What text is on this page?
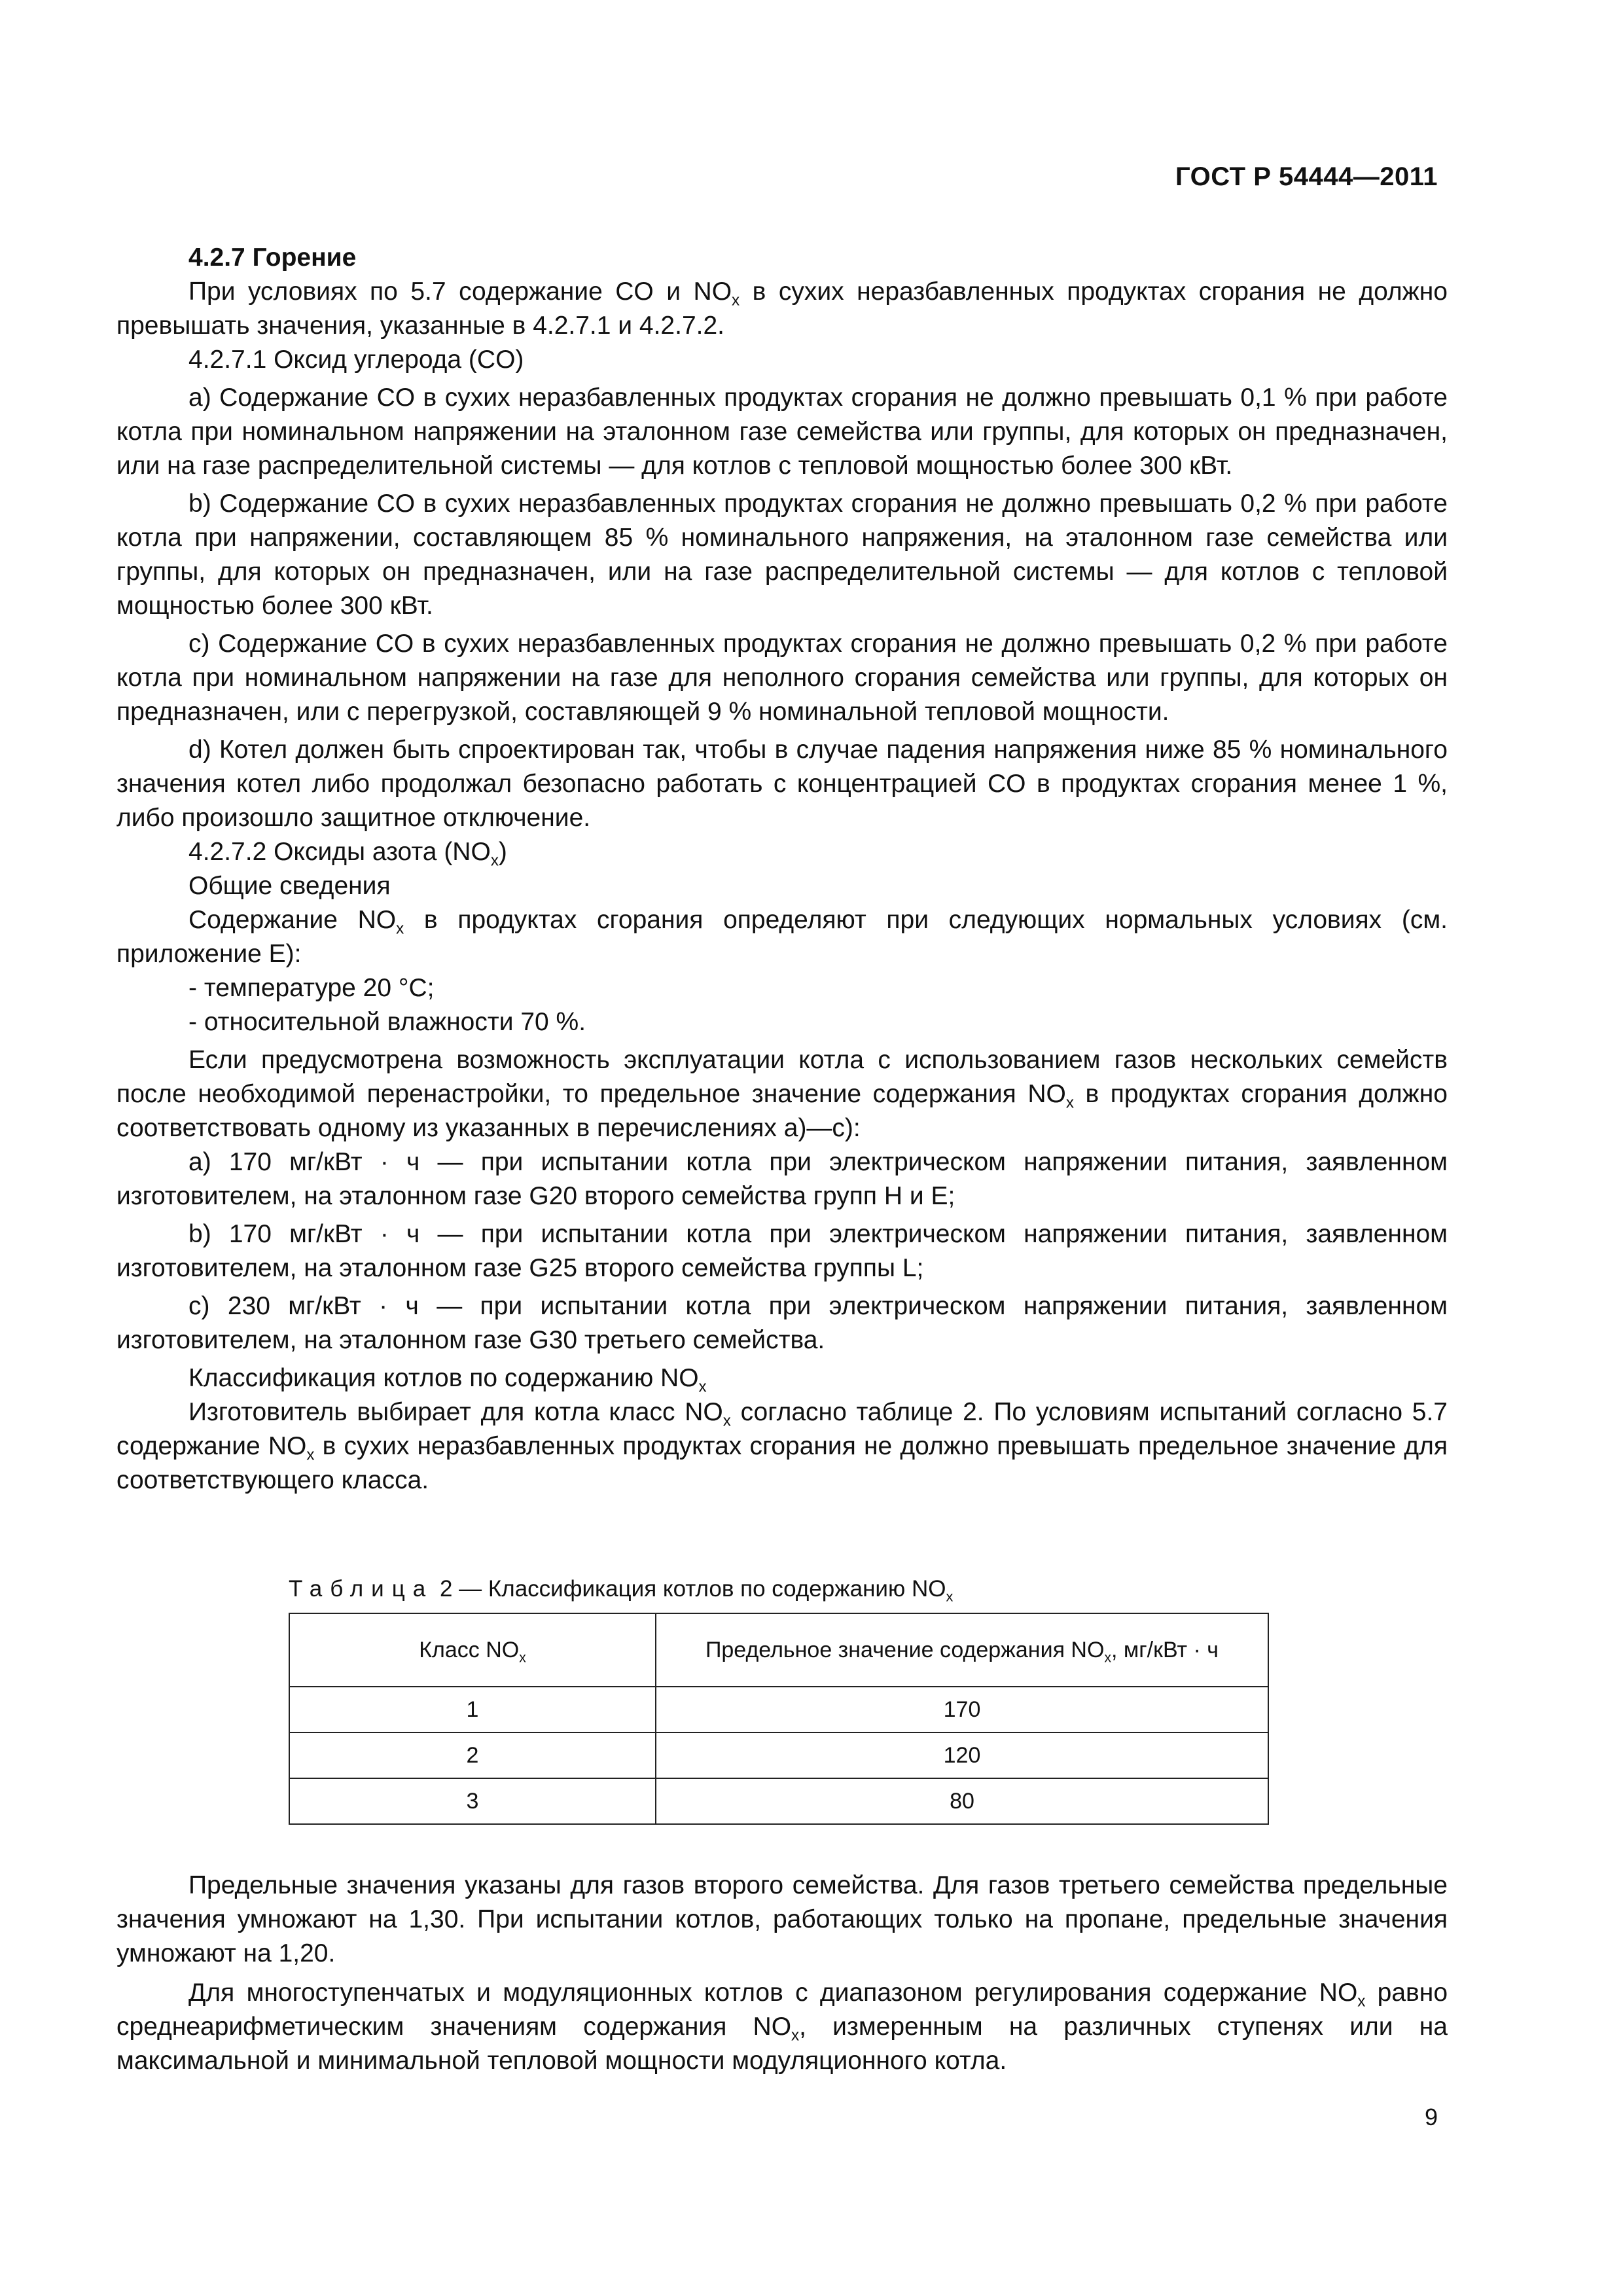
ГОСТ Р 54444—2011

4.2.7 Горение

При условиях по 5.7 содержание CO и $NO_x$ в сухих неразбавленных продуктах сгорания не должно превышать значения, указанные в 4.2.7.1 и 4.2.7.2.

4.2.7.1 Оксид углерода (CO)

a) Содержание CO в сухих неразбавленных продуктах сгорания не должно превышать 0,1 % при работе котла при номинальном напряжении на эталонном газе семейства или группы, для которых он предназначен, или на газе распределительной системы — для котлов с тепловой мощностью более 300 кВт.

b) Содержание CO в сухих неразбавленных продуктах сгорания не должно превышать 0,2 % при работе котла при напряжении, составляющем 85 % номинального напряжения, на эталонном газе семейства или группы, для которых он предназначен, или на газе распределительной системы — для котлов с тепловой мощностью более 300 кВт.

c) Содержание CO в сухих неразбавленных продуктах сгорания не должно превышать 0,2 % при работе котла при номинальном напряжении на газе для неполного сгорания семейства или группы, для которых он предназначен, или с перегрузкой, составляющей 9 % номинальной тепловой мощности.

d) Котел должен быть спроектирован так, чтобы в случае падения напряжения ниже 85 % номинального значения котел либо продолжал безопасно работать с концентрацией CO в продуктах сгорания менее 1 %, либо произошло защитное отключение.

4.2.7.2 Оксиды азота $(NO_x)$

Общие сведения

Содержание $NO_x$ в продуктах сгорания определяют при следующих нормальных условиях (см. приложение E):

- температуре 20 °C;

- относительной влажности 70 %.

Если предусмотрена возможность эксплуатации котла с использованием газов нескольких семейств после необходимой перенастройки, то предельное значение содержания $NO_x$ в продуктах сгорания должно соответствовать одному из указанных в перечислениях а)—с):

a) 170 мг/кВт · ч — при испытании котла при электрическом напряжении питания, заявленном изготовителем, на эталонном газе G20 второго семейства групп H и E;

b) 170 мг/кВт · ч — при испытании котла при электрическом напряжении питания, заявленном изготовителем, на эталонном газе G25 второго семейства группы L;

c) 230 мг/кВт · ч — при испытании котла при электрическом напряжении питания, заявленном изготовителем, на эталонном газе G30 третьего семейства.

Классификация котлов по содержанию $NO_x$

Изготовитель выбирает для котла класс $NO_x$ согласно таблице 2. По условиям испытаний согласно 5.7 содержание $NO_x$ в сухих неразбавленных продуктах сгорания не должно превышать предельное значение для соответствующего класса.

Таблица 2 — Классификация котлов по содержанию $NO_x$
Класс $NO_x$	Предельное значение содержания $NO_x$, мг/кВт · ч
1	170
2	120
3	80

Предельные значения указаны для газов второго семейства. Для газов третьего семейства предельные значения умножают на 1,30. При испытании котлов, работающих только на пропане, предельные значения умножают на 1,20.

Для многоступенчатых и модуляционных котлов с диапазоном регулирования содержание $NO_x$ равно среднеарифметическим значениям содержания $NO_x$, измеренным на различных ступенях или на максимальной и минимальной тепловой мощности модуляционного котла.

9
